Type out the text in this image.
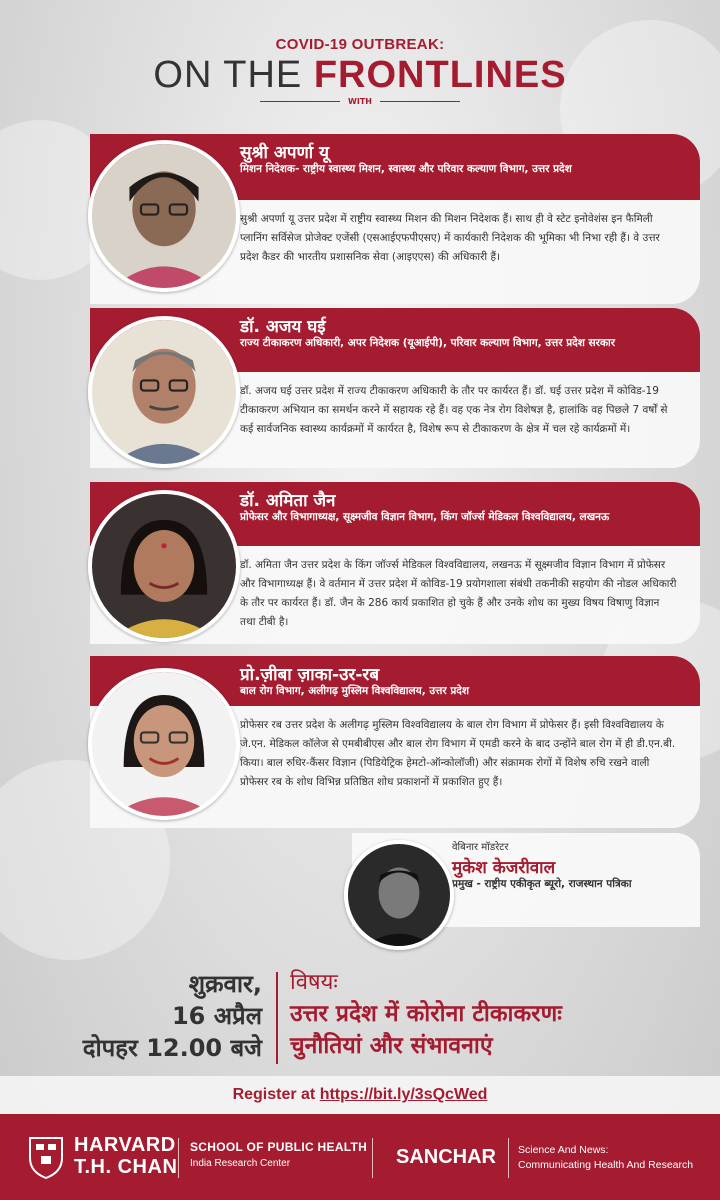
COVID-19 OUTBREAK:
ON THE FRONTLINES
WITH
सुश्री अपर्णा यू
मिशन निदेशक- राष्ट्रीय स्वास्थ्य मिशन, स्वास्थ्य और परिवार कल्याण विभाग, उत्तर प्रदेश
सुश्री अपर्णा यू उत्तर प्रदेश में राष्ट्रीय स्वास्थ्य मिशन की मिशन निदेशक हैं। साथ ही वे स्टेट इनोवेशंस इन फैमिली प्लानिंग सर्विसेज प्रोजेक्ट एजेंसी (एसआईएफपीएसए) में कार्यकारी निदेशक की भूमिका भी निभा रही हैं। वे उत्तर प्रदेश कैडर की भारतीय प्रशासनिक सेवा (आइएएस) की अधिकारी हैं।
डॉ. अजय घई
राज्य टीकाकरण अधिकारी, अपर निदेशक (यूआईपी), परिवार कल्याण विभाग, उत्तर प्रदेश सरकार
डॉ. अजय घई उत्तर प्रदेश में राज्य टीकाकरण अधिकारी के तौर पर कार्यरत हैं। डॉ. घई उत्तर प्रदेश में कोविड-19 टीकाकरण अभियान का समर्थन करने में सहायक रहे हैं। वह एक नेत्र रोग विशेषज्ञ है, हालांकि वह पिछले 7 वर्षों से कई सार्वजनिक स्वास्थ्य कार्यक्रमों में कार्यरत है, विशेष रूप से टीकाकरण के क्षेत्र में चल रहे कार्यक्रमों में।
डॉ. अमिता जैन
प्रोफेसर और विभागाध्यक्ष, सूक्ष्मजीव विज्ञान विभाग, किंग जॉर्ज्स मेडिकल विश्वविद्यालय, लखनऊ
डॉ. अमिता जैन उत्तर प्रदेश के किंग जॉर्ज्स मेडिकल विश्वविद्यालय, लखनऊ में सूक्ष्मजीव विज्ञान विभाग में प्रोफेसर और विभागाध्यक्ष हैं। वे वर्तमान में उत्तर प्रदेश में कोविड-19 प्रयोगशाला संबंधी तकनीकी सहयोग की नोडल अधिकारी के तौर पर कार्यरत हैं। डॉ. जैन के 286 कार्य प्रकाशित हो चुके हैं और उनके शोध का मुख्य विषय विषाणु विज्ञान तथा टीबी है।
प्रो.ज़ीबा ज़ाका-उर-रब
बाल रोग विभाग, अलीगढ़ मुस्लिम विश्वविद्यालय, उत्तर प्रदेश
प्रोफेसर रब उत्तर प्रदेश के अलीगढ़ मुस्लिम विश्वविद्यालय के बाल रोग विभाग में प्रोफेसर हैं। इसी विश्वविद्यालय के जे.एन. मेडिकल कॉलेज से एमबीबीएस और बाल रोग विभाग में एमडी करने के बाद उन्होंने बाल रोग में ही डी.एन.बी. किया। बाल रुधिर-कैंसर विज्ञान (पिडियेट्रिक हेमटो-ऑन्कोलॉजी) और संक्रामक रोगों में विशेष रुचि रखने वाली प्रोफेसर रब के शोध विभिन्न प्रतिष्ठित शोध प्रकाशनों में प्रकाशित हुए हैं।
वेबिनार मॉडरेटर
मुकेश केजरीवाल
प्रमुख - राष्ट्रीय एकीकृत ब्यूरो, राजस्थान पत्रिका
शुक्रवार,
16 अप्रैल
दोपहर 12.00 बजे
विषयः
उत्तर प्रदेश में कोरोना टीकाकरणः
चुनौतियां और संभावनाएं
Register at https://bit.ly/3sQcWed
HARVARD
T.H. CHAN
SCHOOL OF PUBLIC HEALTH
India Research Center	SANCHAR Science And News:
Communicating Health And Research
